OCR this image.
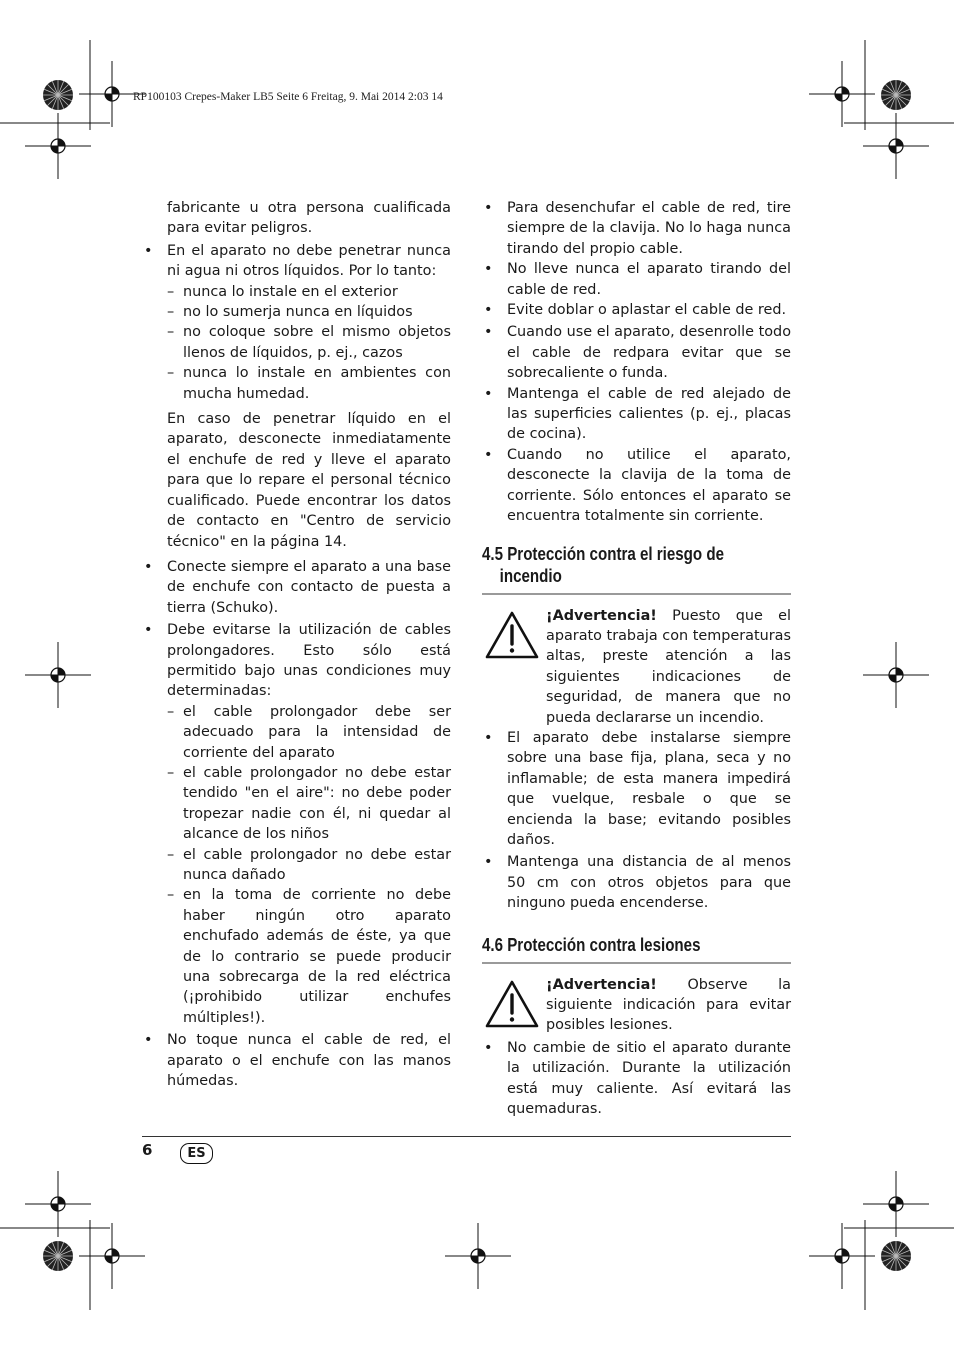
RP100103 Crepes-Maker LB5 Seite 6 Freitag, 9. Mai 2014 2:03 14
fabricante u otra persona cualificada para evitar peligros.
• En el aparato no debe penetrar nunca ni agua ni otros líquidos. Por lo tanto:
– nunca lo instale en el exterior
– no lo sumerja nunca en líquidos
– no coloque sobre el mismo objetos llenos de líquidos, p. ej., cazos
– nunca lo instale en ambientes con mucha humedad.
En caso de penetrar líquido en el aparato, desconecte inmediatamente el enchufe de red y lleve el aparato para que lo repare el personal técnico cualificado. Puede encontrar los datos de contacto en "Centro de servicio técnico" en la página 14.
• Conecte siempre el aparato a una base de enchufe con contacto de puesta a tierra (Schuko).
• Debe evitarse la utilización de cables prolongadores. Esto sólo está permitido bajo unas condiciones muy determinadas:
– el cable prolongador debe ser adecuado para la intensidad de corriente del aparato
– el cable prolongador no debe estar tendido "en el aire": no debe poder tropezar nadie con él, ni quedar al alcance de los niños
– el cable prolongador no debe estar nunca dañado
– en la toma de corriente no debe haber ningún otro aparato enchufado además de éste, ya que de lo contrario se puede producir una sobrecarga de la red eléctrica (¡prohibido utilizar enchufes múltiples!).
• No toque nunca el cable de red, el aparato o el enchufe con las manos húmedas.
• Para desenchufar el cable de red, tire siempre de la clavija. No lo haga nunca tirando del propio cable.
• No lleve nunca el aparato tirando del cable de red.
• Evite doblar o aplastar el cable de red.
• Cuando use el aparato, desenrolle todo el cable de redpara evitar que se sobrecaliente o funda.
• Mantenga el cable de red alejado de las superficies calientes (p. ej., placas de cocina).
• Cuando no utilice el aparato, desconecte la clavija de la toma de corriente. Sólo entonces el aparato se encuentra totalmente sin corriente.
4.5 Protección contra el riesgo de
incendio
¡Advertencia! Puesto que el aparato trabaja con temperaturas altas, preste atención a las siguientes indicaciones de seguridad, de manera que no pueda declararse un incendio.
• El aparato debe instalarse siempre sobre una base fija, plana, seca y no inflamable; de esta manera impedirá que vuelque, resbale o que se encienda la base; evitando posibles daños.
• Mantenga una distancia de al menos 50 cm con otros objetos para que ninguno pueda encenderse.
4.6 Protección contra lesiones
¡Advertencia! Observe la siguiente indicación para evitar posibles lesiones.
• No cambie de sitio el aparato durante la utilización. Durante la utilización está muy caliente. Así evitará las quemaduras.
6	ES
